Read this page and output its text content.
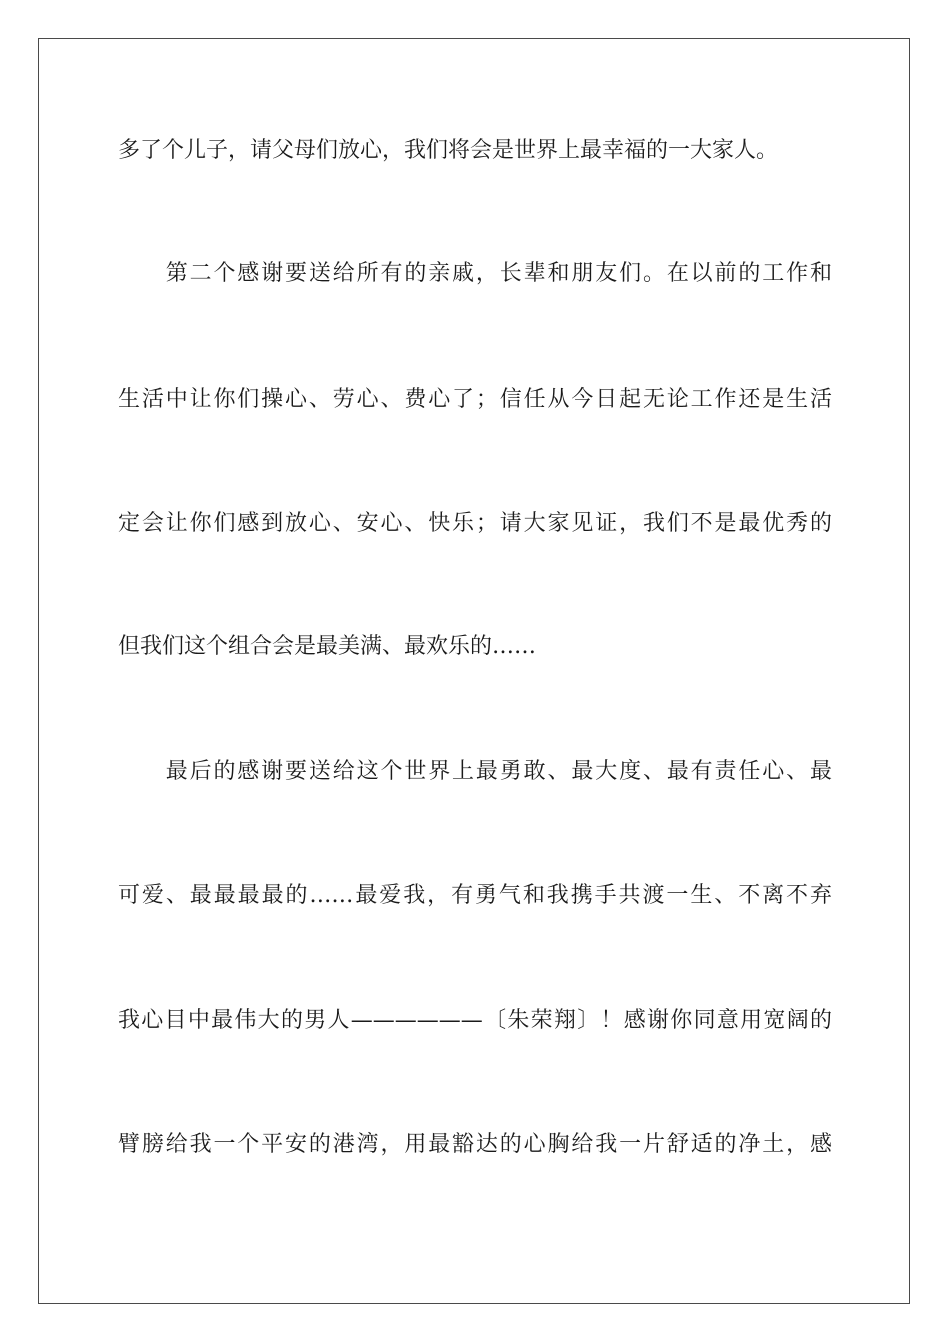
多了个儿子，请父母们放心，我们将会是世界上最幸福的一大家人。
　　第二个感谢要送给所有的亲戚，长辈和朋友们。在以前的工作和
生活中让你们操心、劳心、费心了；信任从今日起无论工作还是生活
定会让你们感到放心、安心、快乐；请大家见证，我们不是最优秀的
但我们这个组合会是最美满、最欢乐的……
　　最后的感谢要送给这个世界上最勇敢、最大度、最有责任心、最
可爱、最最最最的……最爱我，有勇气和我携手共渡一生、不离不弃
我心目中最伟大的男人——————〔朱荣翔〕！感谢你同意用宽阔的
臂膀给我一个平安的港湾，用最豁达的心胸给我一片舒适的净土，感
